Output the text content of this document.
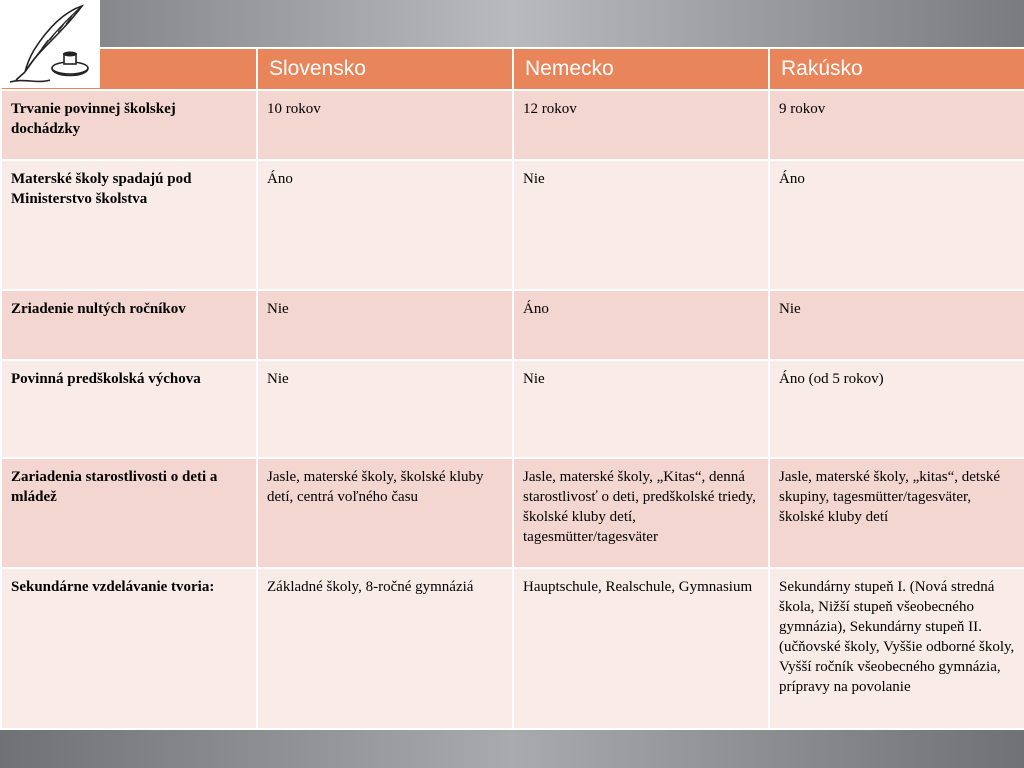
	Slovensko	Nemecko	Rakúsko
Trvanie povinnej školskej dochádzky	10 rokov	12 rokov	9 rokov
Materské školy spadajú pod Ministerstvo školstva	Áno	Nie	Áno
Zriadenie nultých ročníkov	Nie	Áno	Nie
Povinná predškolská výchova	Nie	Nie	Áno (od 5 rokov)
Zariadenia starostlivosti o deti a mládež	Jasle, materské školy, školské kluby detí, centrá voľného času	Jasle, materské školy, „Kitas“, denná starostlivosť o deti, predškolské triedy, školské kluby detí, tagesmütter/tagesväter	Jasle, materské školy, „kitas“, detské skupiny, tagesmütter/tagesväter, školské kluby detí
Sekundárne vzdelávanie tvoria:	Základné školy, 8-ročné gymnáziá	Hauptschule, Realschule, Gymnasium	Sekundárny stupeň I. (Nová stredná škola, Nižší stupeň všeobecného gymnázia), Sekundárny stupeň II. (učňovské školy, Vyššie odborné školy, Vyšší ročník všeobecného gymnázia, prípravy na povolanie
